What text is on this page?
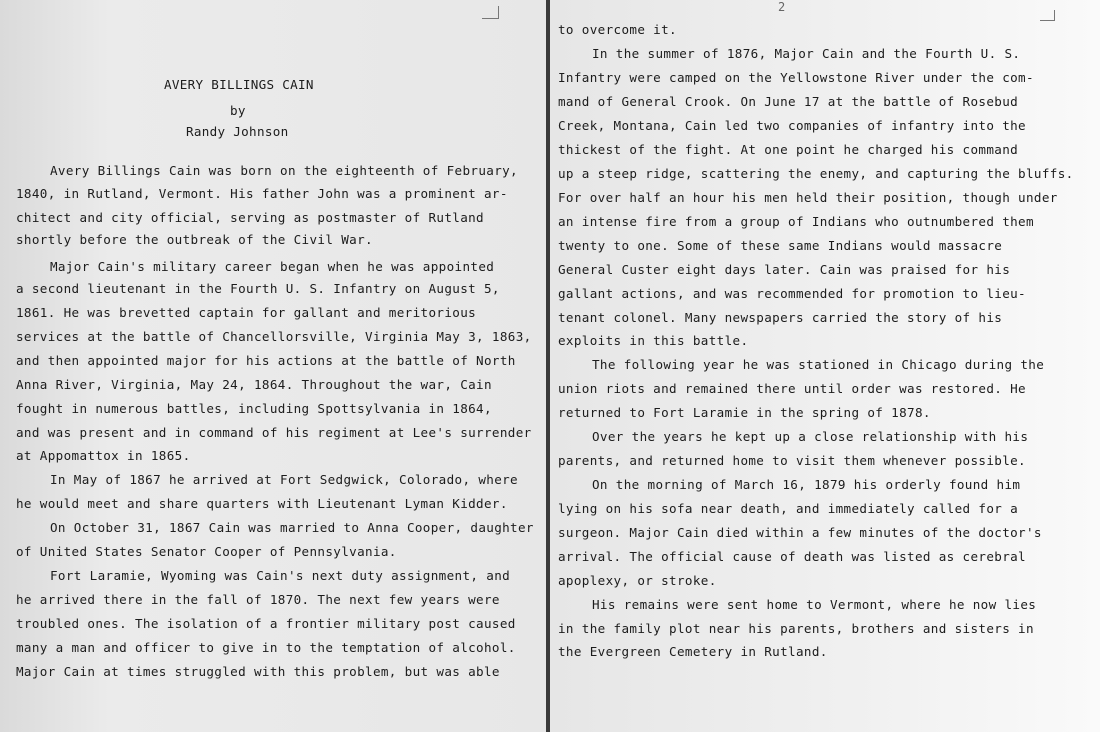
AVERY BILLINGS CAIN
by
Randy Johnson
Avery Billings Cain was born on the eighteenth of February,
1840, in Rutland, Vermont. His father John was a prominent ar-
chitect and city official, serving as postmaster of Rutland
shortly before the outbreak of the Civil War.
Major Cain's military career began when he was appointed
a second lieutenant in the Fourth U. S. Infantry on August 5,
1861. He was brevetted captain for gallant and meritorious
services at the battle of Chancellorsville, Virginia May 3, 1863,
and then appointed major for his actions at the battle of North
Anna River, Virginia, May 24, 1864. Throughout the war, Cain
fought in numerous battles, including Spottsylvania in 1864,
and was present and in command of his regiment at Lee's surrender
at Appomattox in 1865.
In May of 1867 he arrived at Fort Sedgwick, Colorado, where
he would meet and share quarters with Lieutenant Lyman Kidder.
On October 31, 1867 Cain was married to Anna Cooper, daughter
of United States Senator Cooper of Pennsylvania.
Fort Laramie, Wyoming was Cain's next duty assignment, and
he arrived there in the fall of 1870. The next few years were
troubled ones. The isolation of a frontier military post caused
many a man and officer to give in to the temptation of alcohol.
Major Cain at times struggled with this problem, but was able
2
to overcome it.
In the summer of 1876, Major Cain and the Fourth U. S.
Infantry were camped on the Yellowstone River under the com-
mand of General Crook. On June 17 at the battle of Rosebud
Creek, Montana, Cain led two companies of infantry into the
thickest of the fight. At one point he charged his command
up a steep ridge, scattering the enemy, and capturing the bluffs.
For over half an hour his men held their position, though under
an intense fire from a group of Indians who outnumbered them
twenty to one. Some of these same Indians would massacre
General Custer eight days later. Cain was praised for his
gallant actions, and was recommended for promotion to lieu-
tenant colonel. Many newspapers carried the story of his
exploits in this battle.
The following year he was stationed in Chicago during the
union riots and remained there until order was restored. He
returned to Fort Laramie in the spring of 1878.
Over the years he kept up a close relationship with his
parents, and returned home to visit them whenever possible.
On the morning of March 16, 1879 his orderly found him
lying on his sofa near death, and immediately called for a
surgeon. Major Cain died within a few minutes of the doctor's
arrival. The official cause of death was listed as cerebral
apoplexy, or stroke.
His remains were sent home to Vermont, where he now lies
in the family plot near his parents, brothers and sisters in
the Evergreen Cemetery in Rutland.
